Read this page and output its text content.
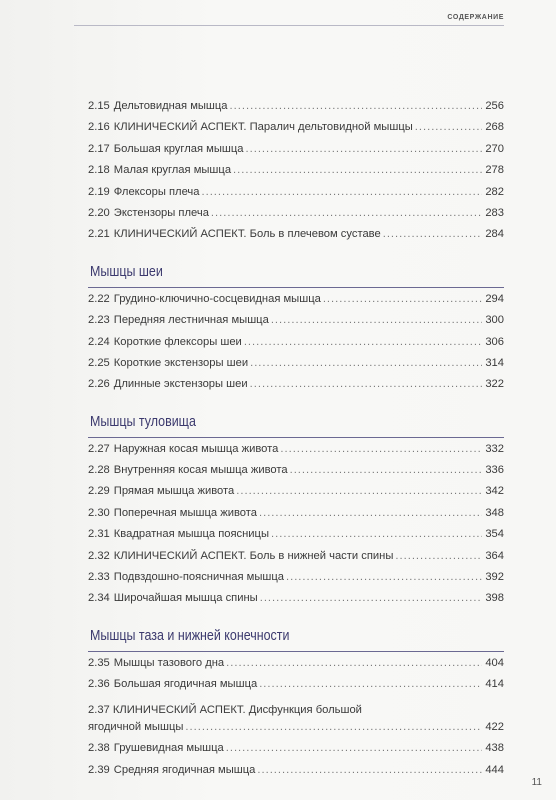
СОДЕРЖАНИЕ
2.15 Дельтовидная мышца .....	256
2.16 КЛИНИЧЕСКИЙ АСПЕКТ. Паралич дельтовидной мышцы .....	268
2.17 Большая круглая мышца .....	270
2.18 Малая круглая мышца .....	278
2.19 Флексоры плеча .....	282
2.20 Экстензоры плеча .....	283
2.21 КЛИНИЧЕСКИЙ АСПЕКТ. Боль в плечевом суставе .....	284
Мышцы шеи
2.22 Грудино-ключично-сосцевидная мышца .....	294
2.23 Передняя лестничная мышца .....	300
2.24 Короткие флексоры шеи .....	306
2.25 Короткие экстензоры шеи .....	314
2.26 Длинные экстензоры шеи .....	322
Мышцы туловища
2.27 Наружная косая мышца живота .....	332
2.28 Внутренняя косая мышца живота .....	336
2.29 Прямая мышца живота .....	342
2.30 Поперечная мышца живота .....	348
2.31 Квадратная мышца поясницы .....	354
2.32 КЛИНИЧЕСКИЙ АСПЕКТ. Боль в нижней части спины .....	364
2.33 Подвздошно-поясничная мышца .....	392
2.34 Широчайшая мышца спины .....	398
Мышцы таза и нижней конечности
2.35 Мышцы тазового дна .....	404
2.36 Большая ягодичная мышца .....	414
2.37 КЛИНИЧЕСКИЙ АСПЕКТ. Дисфункция большой
ягодичной мышцы .....	422
2.38 Грушевидная мышца .....	438
2.39 Средняя ягодичная мышца .....	444
11
